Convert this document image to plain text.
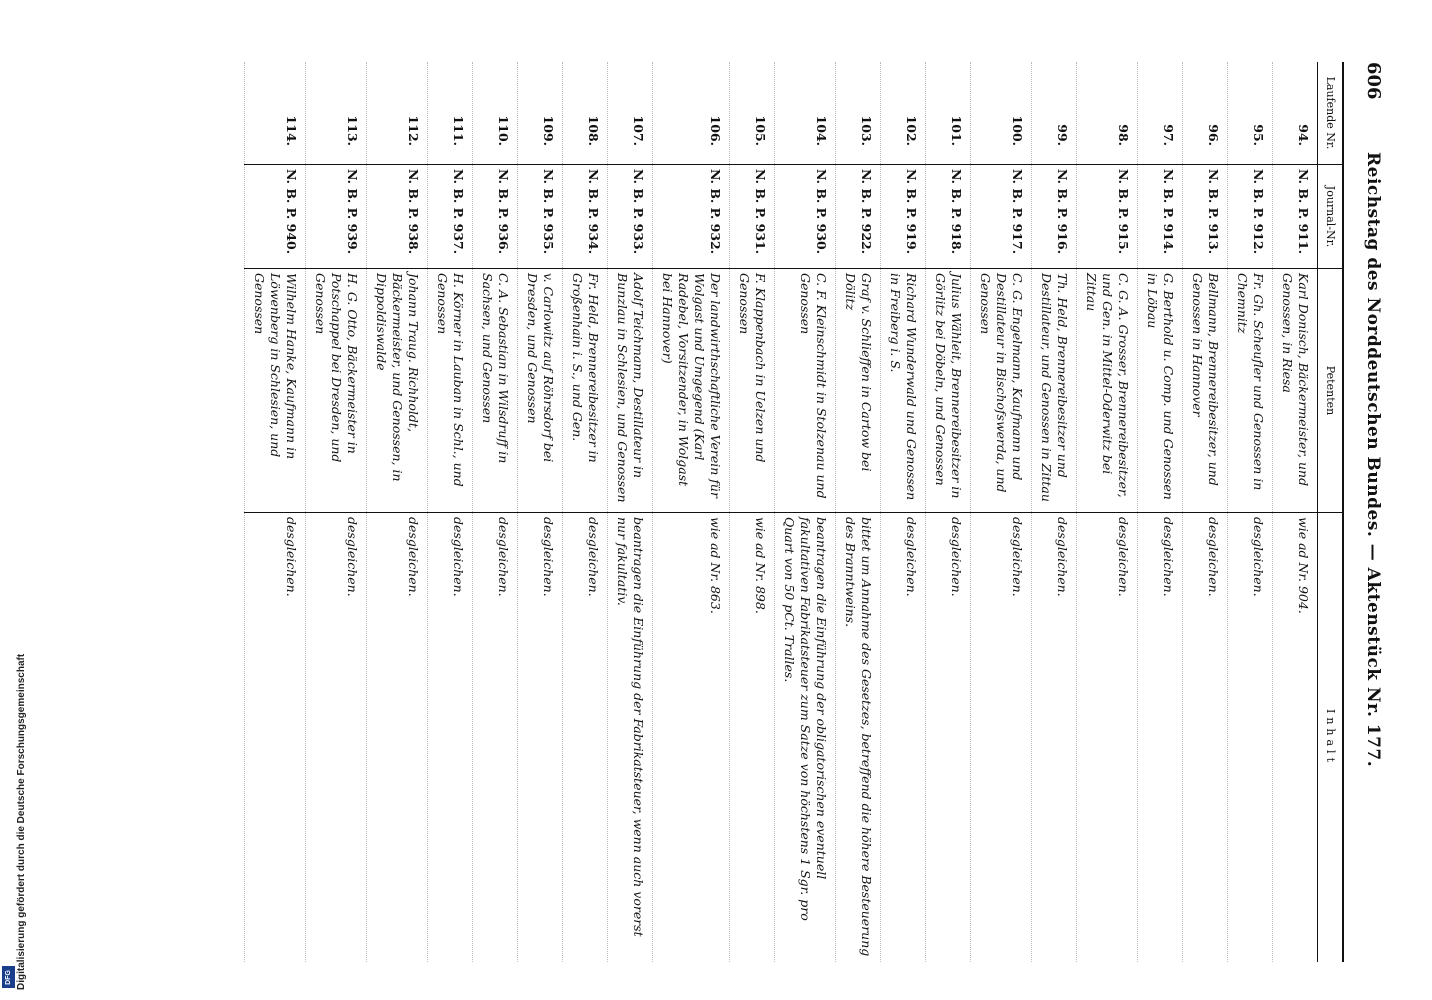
606
Reichstag des Norddeutschen Bundes. — Aktenstück Nr. 177.
Laufende Nr.	Journal-Nr.	Petenten	Inhalt
94.	N. B. P. 911.	Karl Donisch, Bäckermeister, und Genossen, in Riesa	wie ad Nr. 904.
95.	N. B. P. 912.	Fr. Gh. Scheufler und Genossen in Chemnitz	desgleichen.
96.	N. B. P. 913.	Bellmann, Brennereibesitzer, und Genossen in Hannover	desgleichen.
97.	N. B. P. 914.	G. Berthold u. Comp. und Genossen in Löbau	desgleichen.
98.	N. B. P. 915.	C. G. A. Grosser, Brennereibesitzer, und Gen. in Mittel-Oderwitz bei Zittau	desgleichen.
99.	N. B. P. 916.	Th. Held, Brennereibesitzer und Destillateur, und Genossen in Zittau	desgleichen.
100.	N. B. P. 917.	C. G. Engelmann, Kaufmann und Destillateur in Bischofswerda, und Genossen	desgleichen.
101.	N. B. P. 918.	Julius Wähleit, Brennereibesitzer in Görlitz bei Döbeln, und Genossen	desgleichen.
102.	N. B. P. 919.	Richard Wunderwald und Genossen in Freiberg i. S.	desgleichen.
103.	N. B. P. 922.	Graf v. Schlieffen in Cartow bei Dölitz	bittet um Annahme des Gesetzes, betreffend die höhere Besteuerung des Branntweins.
104.	N. B. P. 930.	C. F. Kleinschmidt in Stolzenau und Genossen	beantragen die Einführung der obligatorischen eventuell fakultativen Fabrikatsteuer zum Satze von höchstens 1 Sgr. pro Quart von 50 pCt. Tralles.
105.	N. B. P. 931.	F. Klappenbach in Uelzen und Genossen	wie ad Nr. 898.
106.	N. B. P. 932.	Der landwirthschaftliche Verein für Wolgast und Umgegend (Karl Radebel, Vorsitzender, in Wolgast bei Hannover)	wie ad Nr. 863.
107.	N. B. P. 933.	Adolf Teichmann, Destillateur in Bunzlau in Schlesien, und Genossen	beantragen die Einführung der Fabrikatsteuer, wenn auch vorerst nur fakultativ.
108.	N. B. P. 934.	Fr. Held, Brennereibesitzer in Großenhain i. S., und Gen.	desgleichen.
109.	N. B. P. 935.	v. Carlowitz auf Röhrsdorf bei Dresden, und Genossen	desgleichen.
110.	N. B. P. 936.	C. A. Sebastian in Wilsdruff in Sachsen, und Genossen	desgleichen.
111.	N. B. P. 937.	H. Körner in Lauban in Schl., und Genossen	desgleichen.
112.	N. B. P. 938.	Johann Traug. Richholdt, Bäckermeister, und Genossen, in Dippoldiswalde	desgleichen.
113.	N. B. P. 939.	H. G. Otto, Bäckermeister in Potschappel bei Dresden, und Genossen	desgleichen.
114.	N. B. P. 940.	Wilhelm Hanke, Kaufmann in Löwenberg in Schlesien, und Genossen	desgleichen.
Digitalisierung gefördert durch die Deutsche Forschungsgemeinschaft
DFG
